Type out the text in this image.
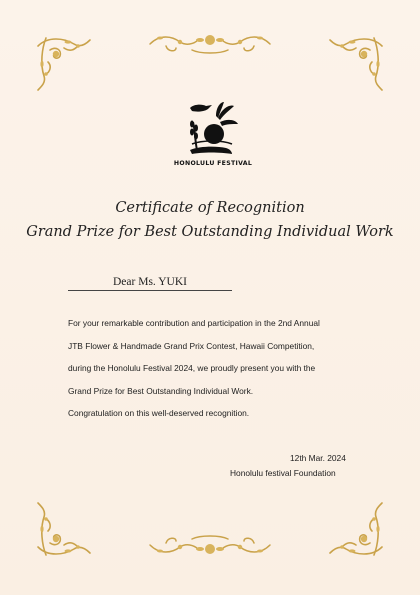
HONOLULU FESTIVAL
Certificate of Recognition
Grand Prize for Best Outstanding Individual Work
Dear Ms. YUKI
For your remarkable contribution and participation in the 2nd Annual
JTB Flower & Handmade Grand Prix Contest, Hawaii Competition,
during the Honolulu Festival 2024, we proudly present you with the
Grand Prize for Best Outstanding Individual Work.
Congratulation on this well-deserved recognition.
12th Mar. 2024
Honolulu festival Foundation
